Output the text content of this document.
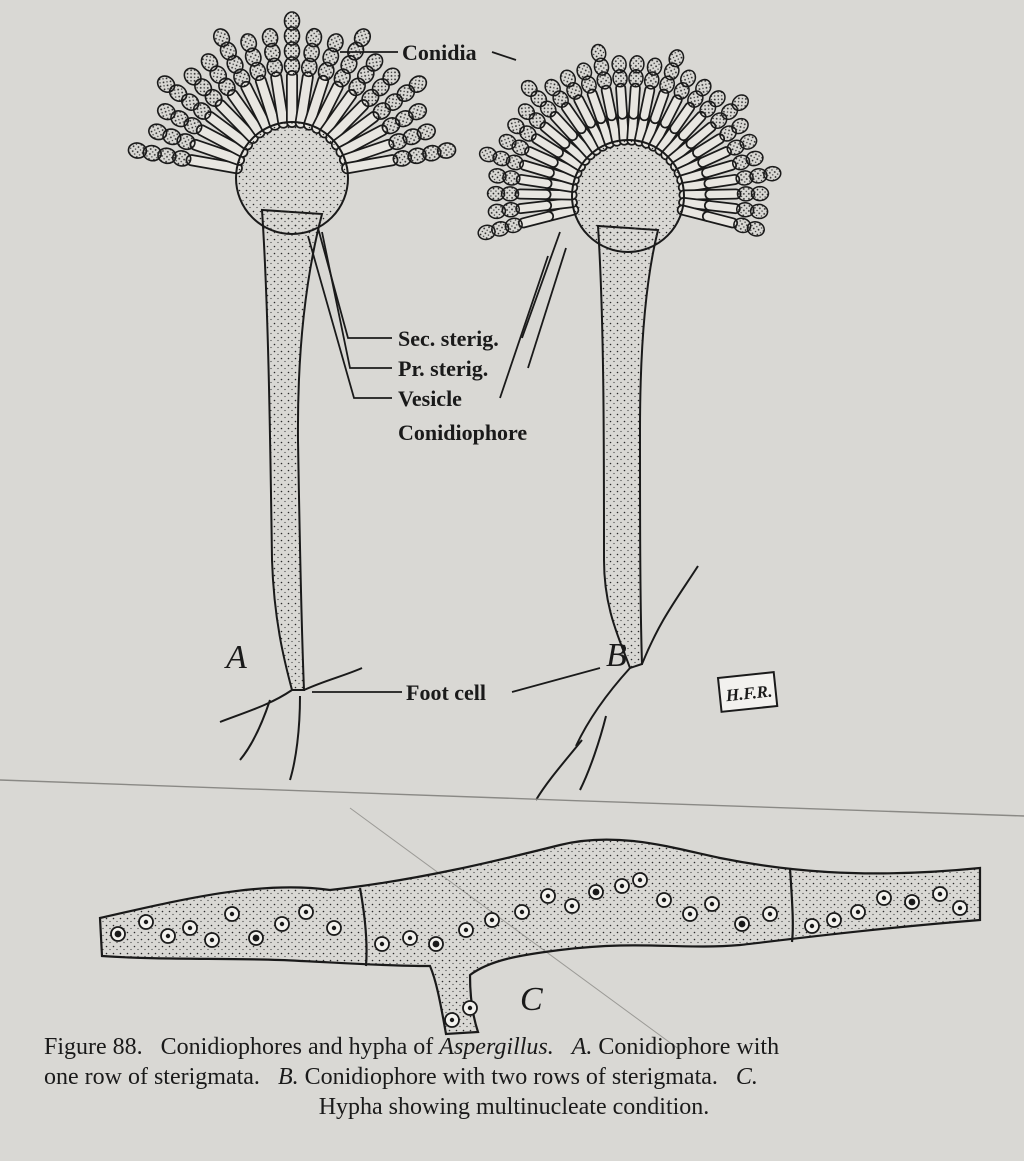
Conidia
Sec. sterig.
Pr. sterig.
Vesicle
Conidiophore
Foot cell
A	B
C
H.F.R.
Figure 88. Conidiophores and hypha of Aspergillus. A. Conidiophore with
one row of sterigmata. B. Conidiophore with two rows of sterigmata. C.
Hypha showing multinucleate condition.
